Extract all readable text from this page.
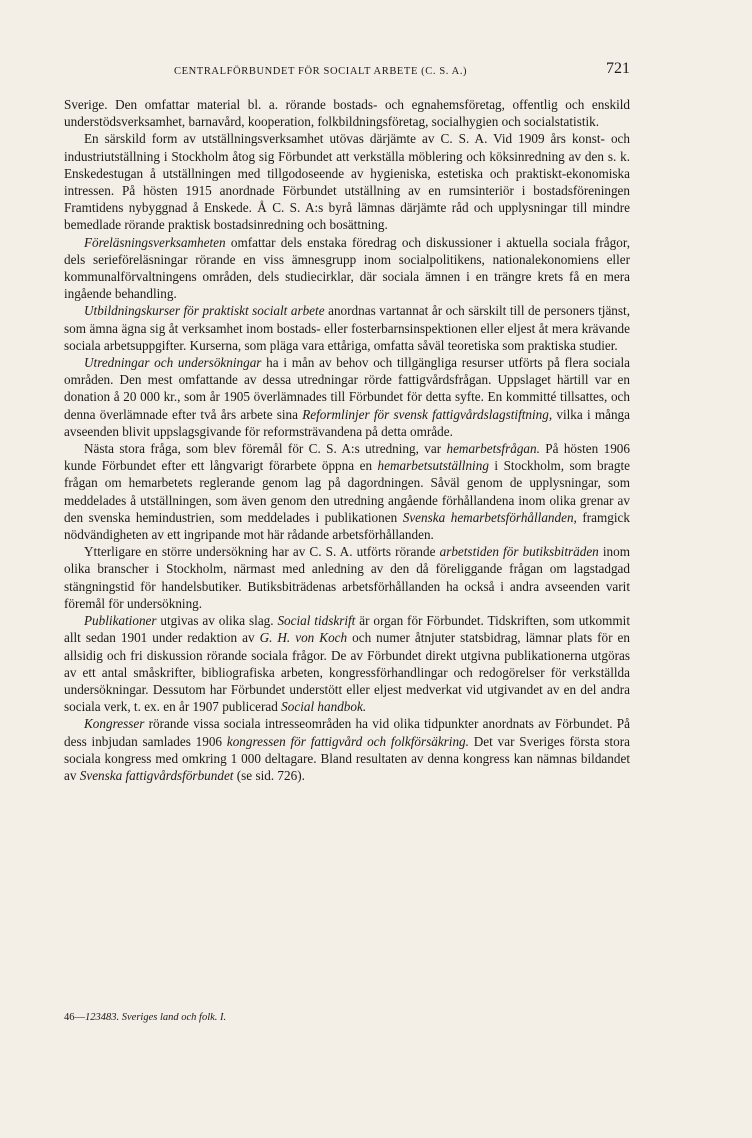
CENTRALFÖRBUNDET FÖR SOCIALT ARBETE (C. S. A.)	721

Sverige. Den omfattar material bl. a. rörande bostads- och egnahemsföretag, offentlig och enskild understödsverksamhet, barnavård, kooperation, folkbildningsföretag, socialhygien och socialstatistik.

En särskild form av utställningsverksamhet utövas därjämte av C. S. A. Vid 1909 års konst- och industriutställning i Stockholm åtog sig Förbundet att verkställa möblering och köksinredning av den s. k. Enskedestugan å utställningen med tillgodoseende av hygieniska, estetiska och praktiskt-ekonomiska intressen. På hösten 1915 anordnade Förbundet utställning av en rumsinteriör i bostadsföreningen Framtidens nybyggnad å Enskede. Å C. S. A:s byrå lämnas därjämte råd och upplysningar till mindre bemedlade rörande praktisk bostadsinredning och bosättning.

Föreläsningsverksamheten omfattar dels enstaka föredrag och diskussioner i aktuella sociala frågor, dels serieföreläsningar rörande en viss ämnesgrupp inom socialpolitikens, nationalekonomiens eller kommunalförvaltningens områden, dels studiecirklar, där sociala ämnen i en trängre krets få en mera ingående behandling.

Utbildningskurser för praktiskt socialt arbete anordnas vartannat år och särskilt till de personers tjänst, som ämna ägna sig åt verksamhet inom bostads- eller fosterbarnsinspektionen eller eljest åt mera krävande sociala arbetsuppgifter. Kurserna, som pläga vara ettåriga, omfatta såväl teoretiska som praktiska studier.

Utredningar och undersökningar ha i mån av behov och tillgängliga resurser utförts på flera sociala områden. Den mest omfattande av dessa utredningar rörde fattigvårdsfrågan. Uppslaget härtill var en donation å 20 000 kr., som år 1905 överlämnades till Förbundet för detta syfte. En kommitté tillsattes, och denna överlämnade efter två års arbete sina Reformlinjer för svensk fattigvårdslagstiftning, vilka i många avseenden blivit uppslagsgivande för reformsträvandena på detta område.

Nästa stora fråga, som blev föremål för C. S. A:s utredning, var hemarbetsfrågan. På hösten 1906 kunde Förbundet efter ett långvarigt förarbete öppna en hemarbetsutställning i Stockholm, som bragte frågan om hemarbetets reglerande genom lag på dagordningen. Såväl genom de upplysningar, som meddelades å utställningen, som även genom den utredning angående förhållandena inom olika grenar av den svenska hemindustrien, som meddelades i publikationen Svenska hemarbetsförhållanden, framgick nödvändigheten av ett ingripande mot här rådande arbetsförhållanden.

Ytterligare en större undersökning har av C. S. A. utförts rörande arbetstiden för butiksbiträden inom olika branscher i Stockholm, närmast med anledning av den då föreliggande frågan om lagstadgad stängningstid för handelsbutiker. Butiksbiträdenas arbetsförhållanden ha också i andra avseenden varit föremål för undersökning.

Publikationer utgivas av olika slag. Social tidskrift är organ för Förbundet. Tidskriften, som utkommit allt sedan 1901 under redaktion av G. H. von Koch och numer åtnjuter statsbidrag, lämnar plats för en allsidig och fri diskussion rörande sociala frågor. De av Förbundet direkt utgivna publikationerna utgöras av ett antal småskrifter, bibliografiska arbeten, kongressförhandlingar och redogörelser för verkställda undersökningar. Dessutom har Förbundet understött eller eljest medverkat vid utgivandet av en del andra sociala verk, t. ex. en år 1907 publicerad Social handbok.

Kongresser rörande vissa sociala intresseområden ha vid olika tidpunkter anordnats av Förbundet. På dess inbjudan samlades 1906 kongressen för fattigvård och folkförsäkring. Det var Sveriges första stora sociala kongress med omkring 1 000 deltagare. Bland resultaten av denna kongress kan nämnas bildandet av Svenska fattigvårdsförbundet (se sid. 726).

46—123483. Sveriges land och folk. I.
